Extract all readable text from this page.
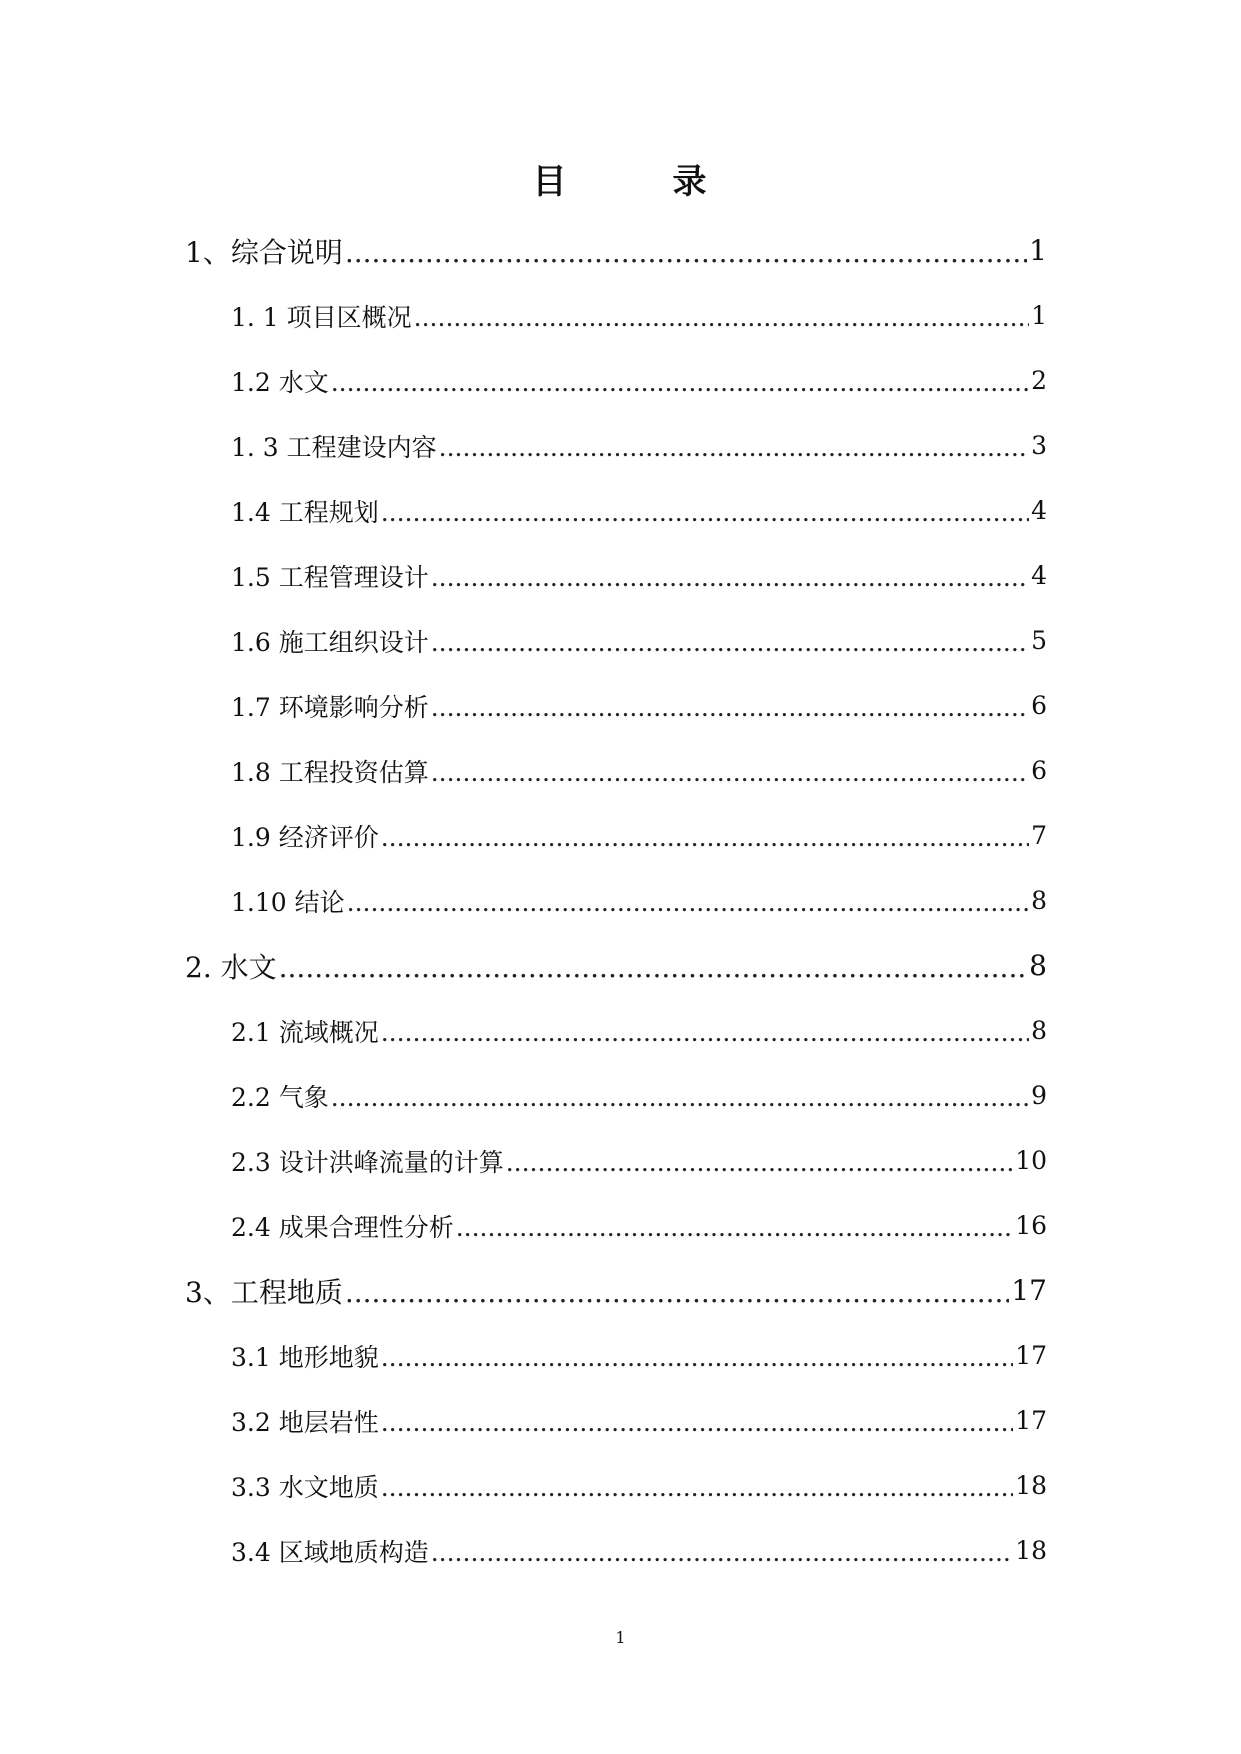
目	录
1、综合说明 .....	1
1. 1 项目区概况 .....	1
1.2 水文 .....	2
1. 3 工程建设内容 .....	3
1.4 工程规划 .....	4
1.5 工程管理设计 .....	4
1.6 施工组织设计 .....	5
1.7 环境影响分析 .....	6
1.8 工程投资估算 .....	6
1.9 经济评价 .....	7
1.10 结论 .....	8
2. 水文 .....	8
2.1 流域概况 .....	8
2.2 气象 .....	9
2.3 设计洪峰流量的计算 .....	10
2.4 成果合理性分析 .....	16
3、工程地质 .....	17
3.1 地形地貌 .....	17
3.2 地层岩性 .....	17
3.3 水文地质 .....	18
3.4 区域地质构造 .....	18
1
